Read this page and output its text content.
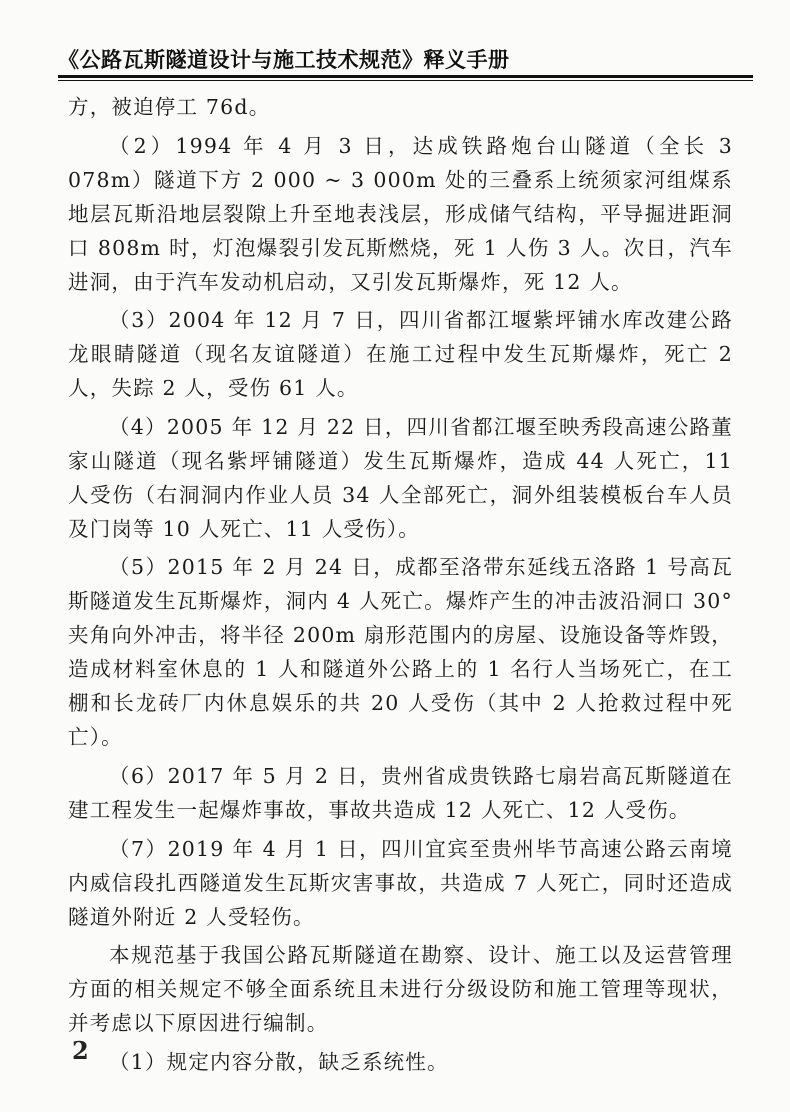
《公路瓦斯隧道设计与施工技术规范》释义手册

方，被迫停工 76d。

（2）1994 年 4 月 3 日，达成铁路炮台山隧道（全长 3 078m）隧道下方 2 000 ~ 3 000m 处的三叠系上统须家河组煤系地层瓦斯沿地层裂隙上升至地表浅层，形成储气结构，平导掘进距洞口 808m 时，灯泡爆裂引发瓦斯燃烧，死 1 人伤 3 人。次日，汽车进洞，由于汽车发动机启动，又引发瓦斯爆炸，死 12 人。

（3）2004 年 12 月 7 日，四川省都江堰紫坪铺水库改建公路龙眼睛隧道（现名友谊隧道）在施工过程中发生瓦斯爆炸，死亡 2 人，失踪 2 人，受伤 61 人。

（4）2005 年 12 月 22 日，四川省都江堰至映秀段高速公路董家山隧道（现名紫坪铺隧道）发生瓦斯爆炸，造成 44 人死亡，11 人受伤（右洞洞内作业人员 34 人全部死亡，洞外组装模板台车人员及门岗等 10 人死亡、11 人受伤）。

（5）2015 年 2 月 24 日，成都至洛带东延线五洛路 1 号高瓦斯隧道发生瓦斯爆炸，洞内 4 人死亡。爆炸产生的冲击波沿洞口 30° 夹角向外冲击，将半径 200m 扇形范围内的房屋、设施设备等炸毁，造成材料室休息的 1 人和隧道外公路上的 1 名行人当场死亡，在工棚和长龙砖厂内休息娱乐的共 20 人受伤（其中 2 人抢救过程中死亡）。

（6）2017 年 5 月 2 日，贵州省成贵铁路七扇岩高瓦斯隧道在建工程发生一起爆炸事故，事故共造成 12 人死亡、12 人受伤。

（7）2019 年 4 月 1 日，四川宜宾至贵州毕节高速公路云南境内威信段扎西隧道发生瓦斯灾害事故，共造成 7 人死亡，同时还造成隧道外附近 2 人受轻伤。

本规范基于我国公路瓦斯隧道在勘察、设计、施工以及运营管理方面的相关规定不够全面系统且未进行分级设防和施工管理等现状，并考虑以下原因进行编制。

（1）规定内容分散，缺乏系统性。

2
